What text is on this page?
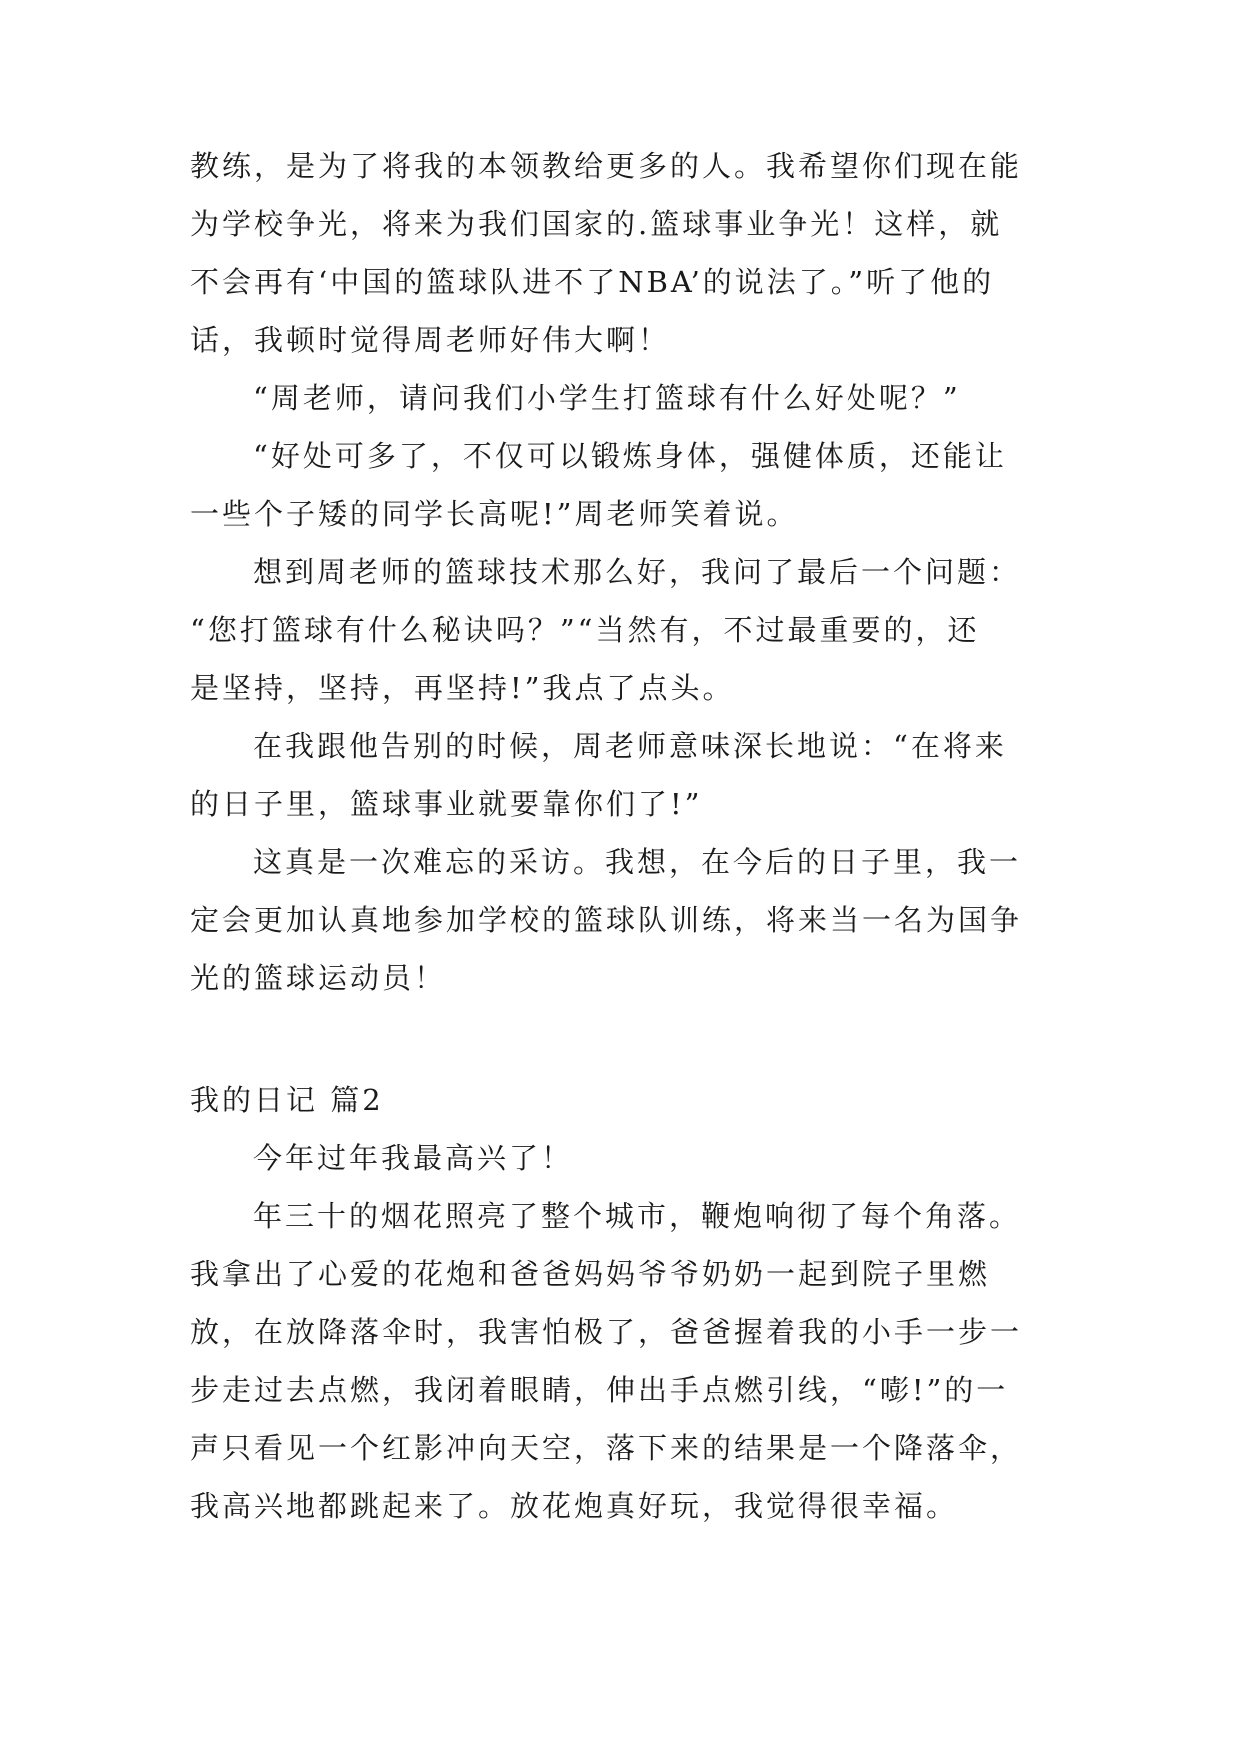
教练，是为了将我的本领教给更多的人。我希望你们现在能
为学校争光，将来为我们国家的.篮球事业争光！这样，就
不会再有‘中国的篮球队进不了NBA’的说法了。”听了他的
话，我顿时觉得周老师好伟大啊！
“周老师，请问我们小学生打篮球有什么好处呢？”
“好处可多了，不仅可以锻炼身体，强健体质，还能让
一些个子矮的同学长高呢!”周老师笑着说。
想到周老师的篮球技术那么好，我问了最后一个问题：
“您打篮球有什么秘诀吗？”“当然有，不过最重要的，还
是坚持，坚持，再坚持!”我点了点头。
在我跟他告别的时候，周老师意味深长地说：“在将来
的日子里，篮球事业就要靠你们了!”
这真是一次难忘的采访。我想，在今后的日子里，我一
定会更加认真地参加学校的篮球队训练，将来当一名为国争
光的篮球运动员！
我的日记 篇2
今年过年我最高兴了！
年三十的烟花照亮了整个城市，鞭炮响彻了每个角落。
我拿出了心爱的花炮和爸爸妈妈爷爷奶奶一起到院子里燃
放，在放降落伞时，我害怕极了，爸爸握着我的小手一步一
步走过去点燃，我闭着眼睛，伸出手点燃引线，“嘭!”的一
声只看见一个红影冲向天空，落下来的结果是一个降落伞，
我高兴地都跳起来了。放花炮真好玩，我觉得很幸福。
